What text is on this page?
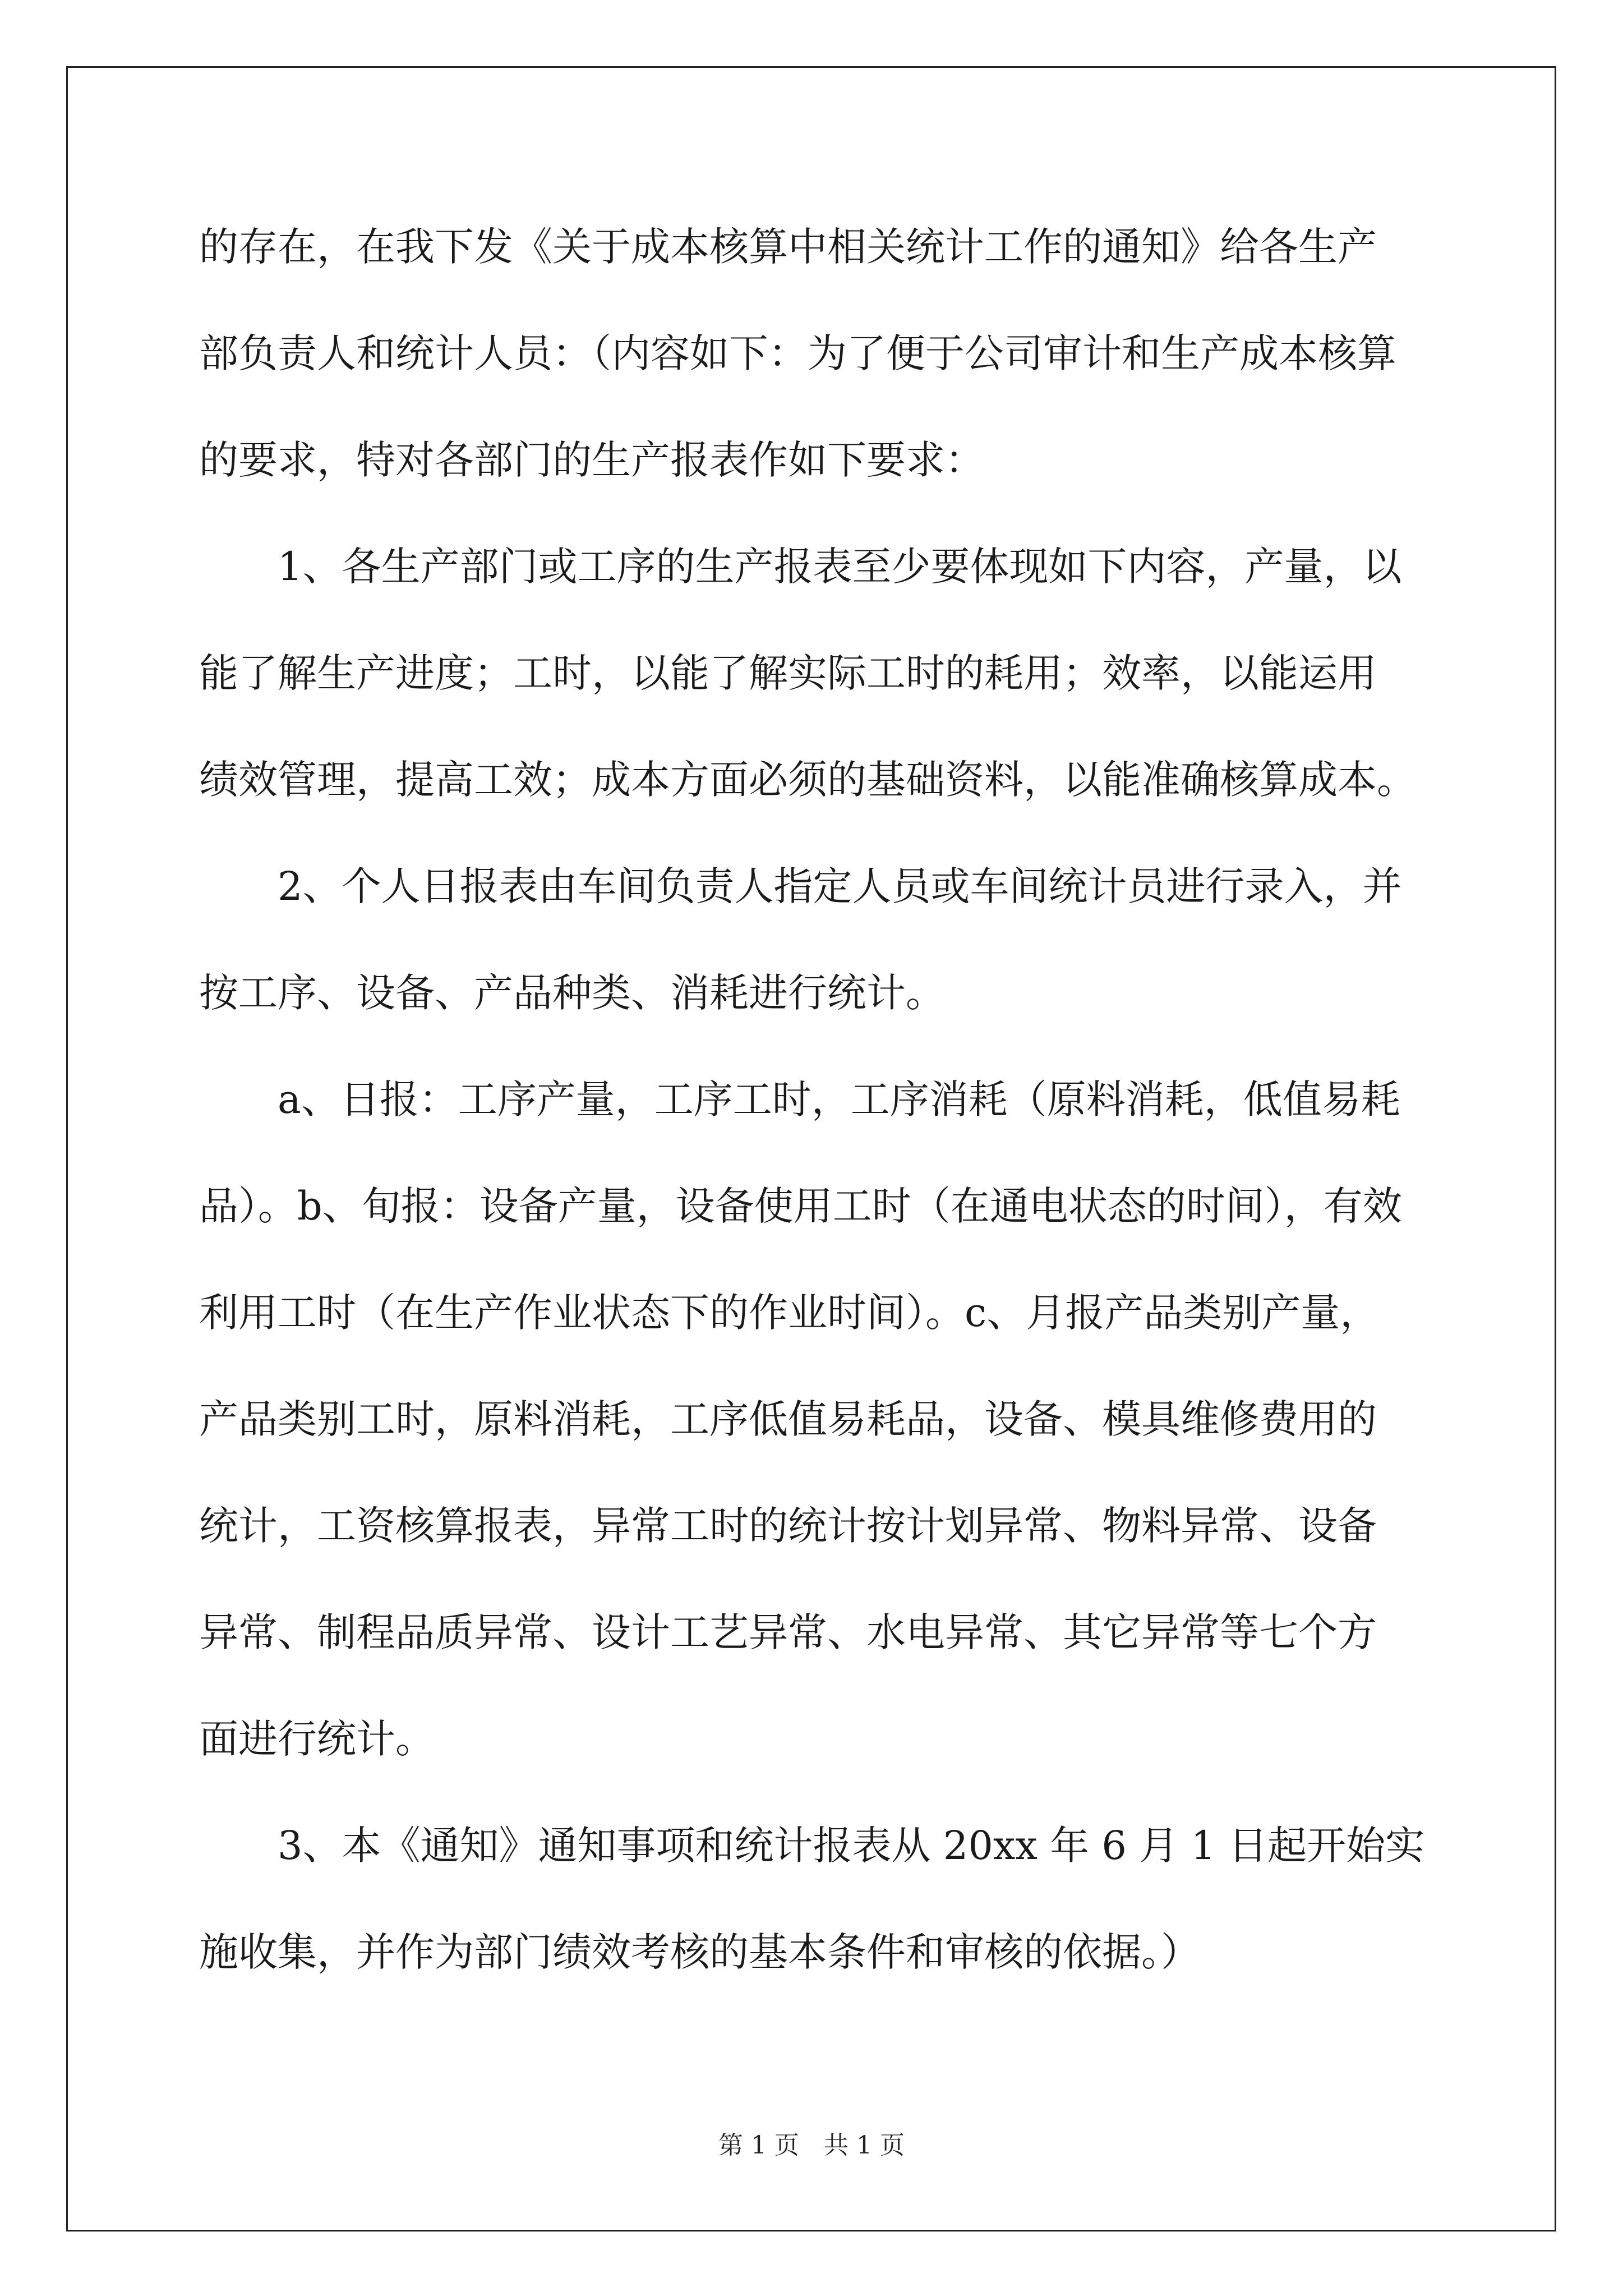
的存在，在我下发《关于成本核算中相关统计工作的通知》给各生产
部负责人和统计人员：（内容如下：为了便于公司审计和生产成本核算
的要求，特对各部门的生产报表作如下要求：
　　1、各生产部门或工序的生产报表至少要体现如下内容，产量，以
能了解生产进度；工时，以能了解实际工时的耗用；效率，以能运用
绩效管理，提高工效；成本方面必须的基础资料，以能准确核算成本。
　　2、个人日报表由车间负责人指定人员或车间统计员进行录入，并
按工序、设备、产品种类、消耗进行统计。
　　a、日报：工序产量，工序工时，工序消耗（原料消耗，低值易耗
品）。b、旬报：设备产量，设备使用工时（在通电状态的时间），有效
利用工时（在生产作业状态下的作业时间）。c、月报产品类别产量，
产品类别工时，原料消耗，工序低值易耗品，设备、模具维修费用的
统计，工资核算报表，异常工时的统计按计划异常、物料异常、设备
异常、制程品质异常、设计工艺异常、水电异常、其它异常等七个方
面进行统计。
　　3、本《通知》通知事项和统计报表从 20xx 年 6 月 1 日起开始实
施收集，并作为部门绩效考核的基本条件和审核的依据。）
第 1 页　共 1 页
